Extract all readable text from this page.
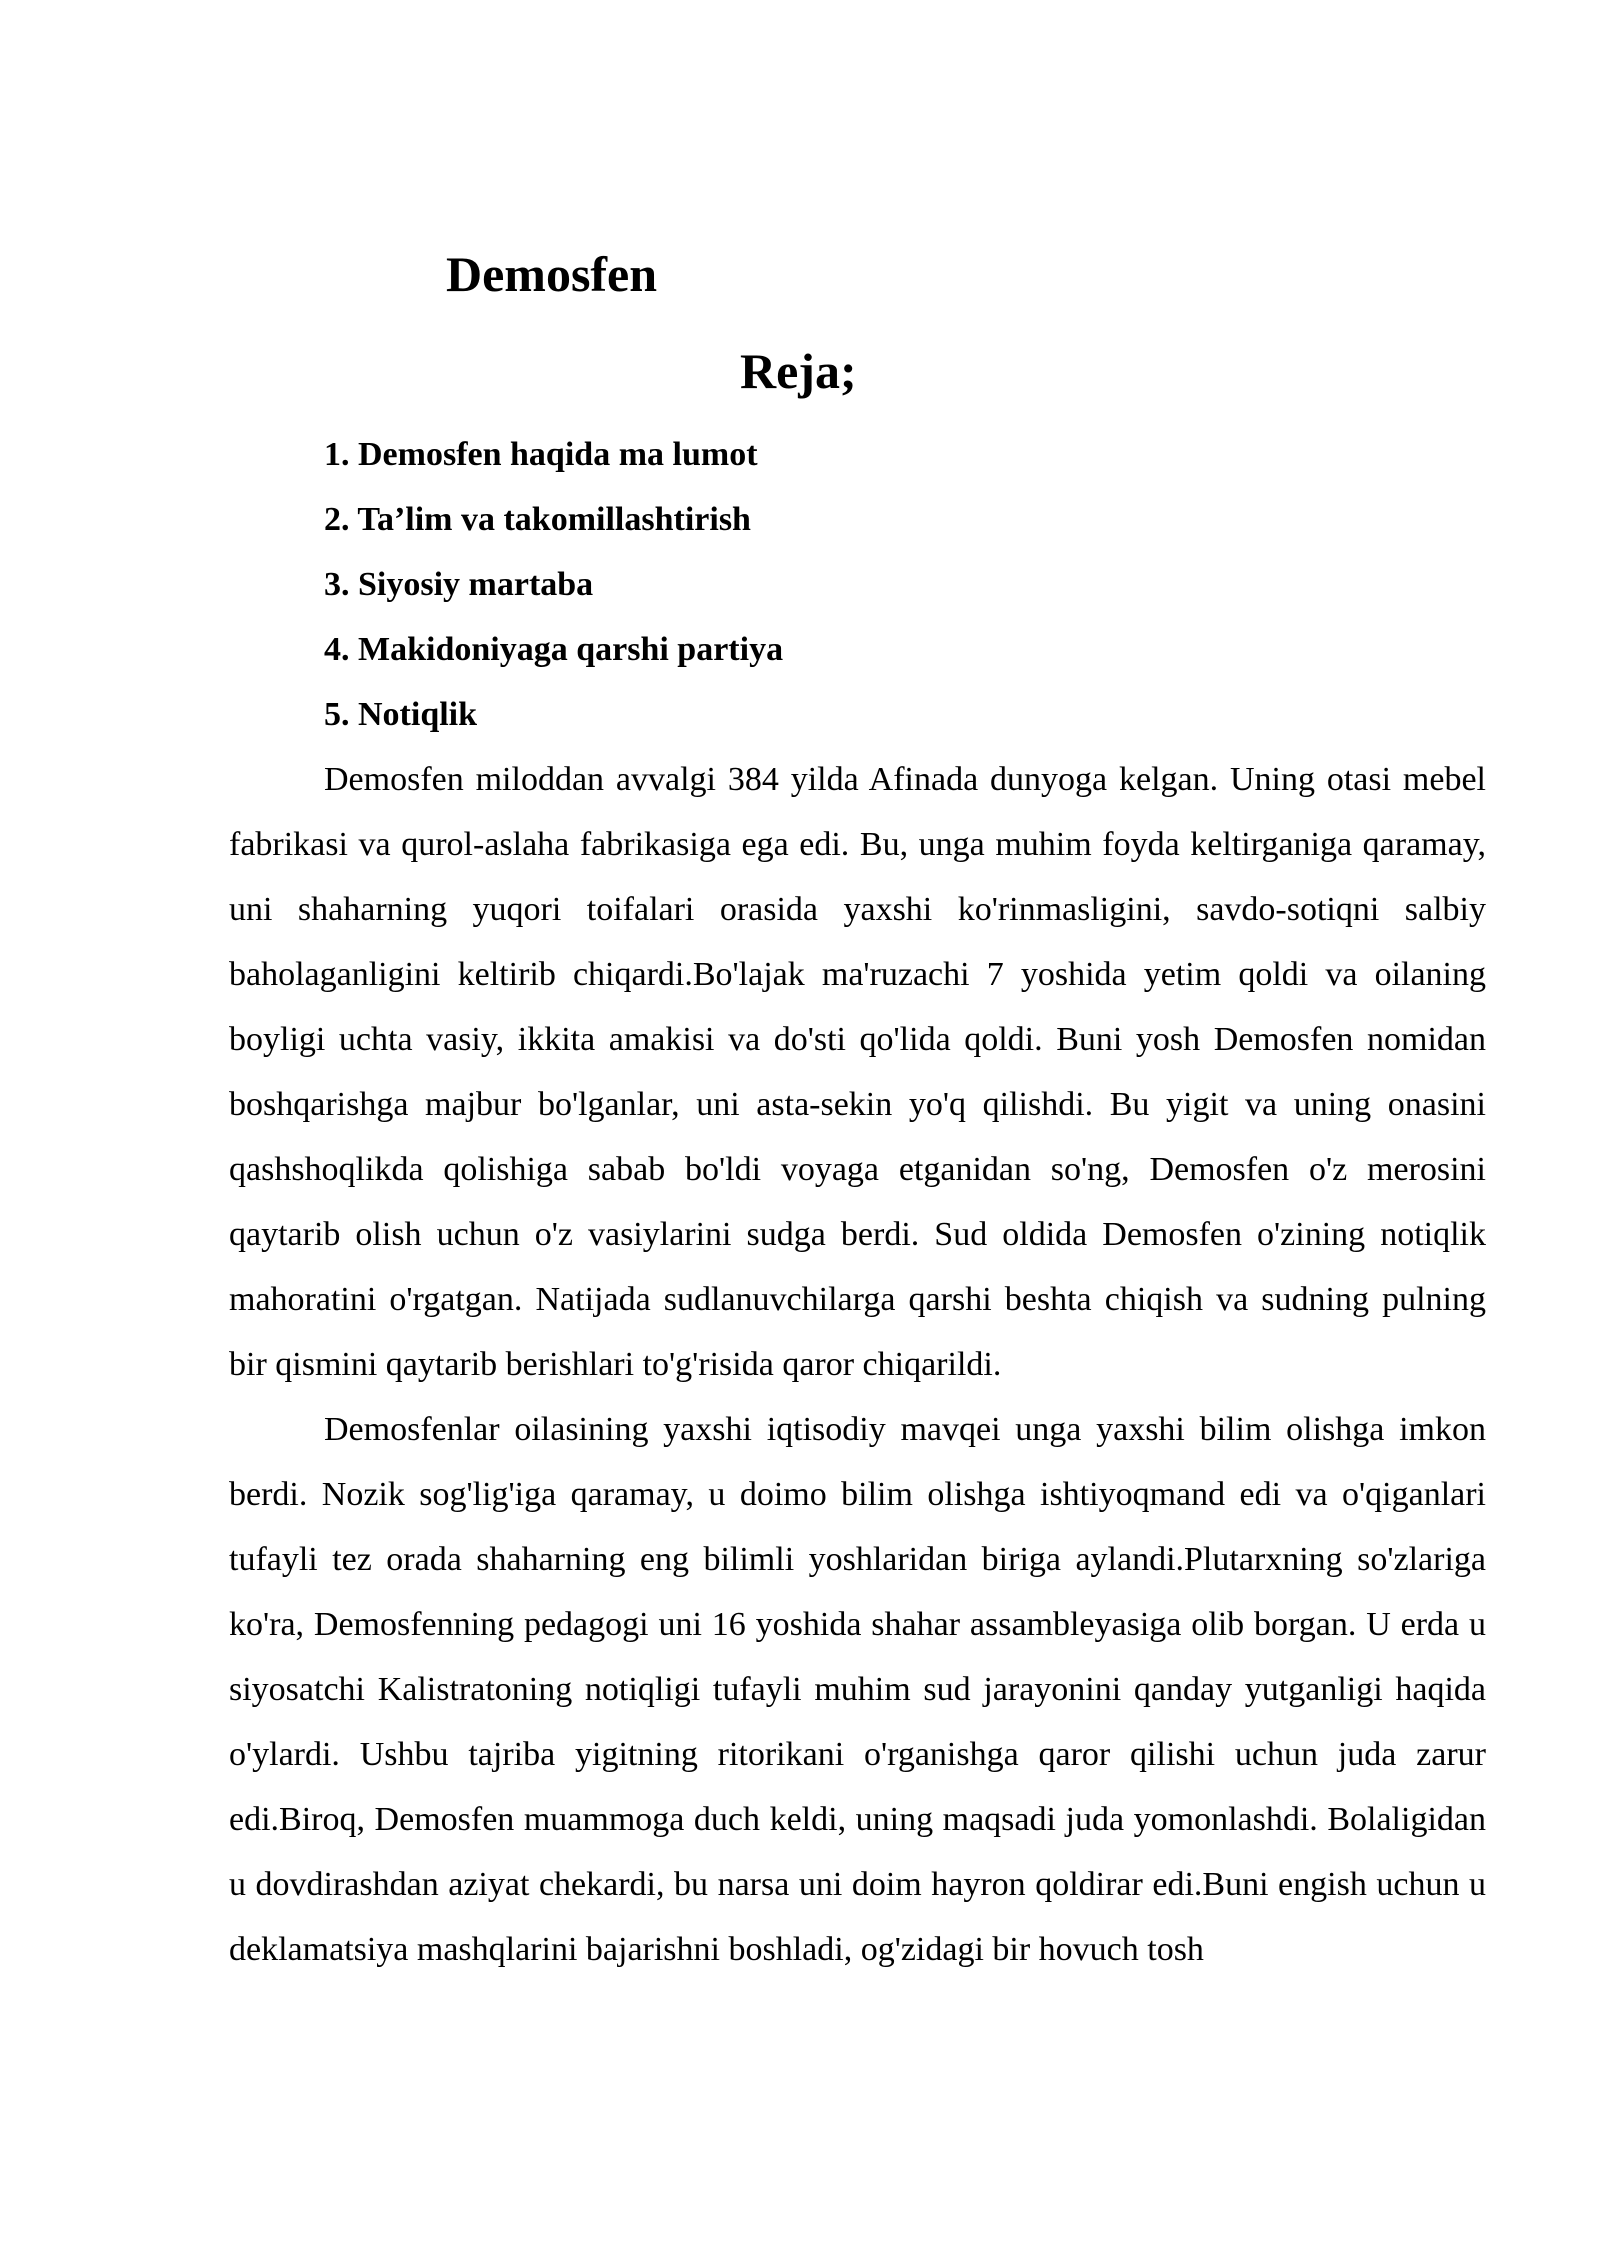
Demosfen
Reja;
1. Demosfen haqida ma lumot
2. Ta’lim va takomillashtirish
3. Siyosiy martaba
4. Makidoniyaga qarshi partiya
5. Notiqlik

Demosfen miloddan avvalgi 384 yilda Afinada dunyoga kelgan. Uning otasi mebel fabrikasi va qurol-aslaha fabrikasiga ega edi. Bu, unga muhim foyda keltirganiga qaramay, uni shaharning yuqori toifalari orasida yaxshi ko'rinmasligini, savdo-sotiqni salbiy baholaganligini keltirib chiqardi.Bo'lajak ma'ruzachi 7 yoshida yetim qoldi va oilaning boyligi uchta vasiy, ikkita amakisi va do'sti qo'lida qoldi. Buni yosh Demosfen nomidan boshqarishga majbur bo'lganlar, uni asta-sekin yo'q qilishdi. Bu yigit va uning onasini qashshoqlikda qolishiga sabab bo'ldi voyaga etganidan so'ng, Demosfen o'z merosini qaytarib olish uchun o'z vasiylarini sudga berdi. Sud oldida Demosfen o'zining notiqlik mahoratini o'rgatgan. Natijada sudlanuvchilarga qarshi beshta chiqish va sudning pulning bir qismini qaytarib berishlari to'g'risida qaror chiqarildi.

Demosfenlar oilasining yaxshi iqtisodiy mavqei unga yaxshi bilim olishga imkon berdi. Nozik sog'lig'iga qaramay, u doimo bilim olishga ishtiyoqmand edi va o'qiganlari tufayli tez orada shaharning eng bilimli yoshlaridan biriga aylandi.Plutarxning so'zlariga ko'ra, Demosfenning pedagogi uni 16 yoshida shahar assambleyasiga olib borgan. U erda u siyosatchi Kalistratoning notiqligi tufayli muhim sud jarayonini qanday yutganligi haqida o'ylardi. Ushbu tajriba yigitning ritorikani o'rganishga qaror qilishi uchun juda zarur edi.Biroq, Demosfen muammoga duch keldi, uning maqsadi juda yomonlashdi. Bolaligidan u dovdirashdan aziyat chekardi, bu narsa uni doim hayron qoldirar edi.Buni engish uchun u deklamatsiya mashqlarini bajarishni boshladi, og'zidagi bir hovuch tosh
